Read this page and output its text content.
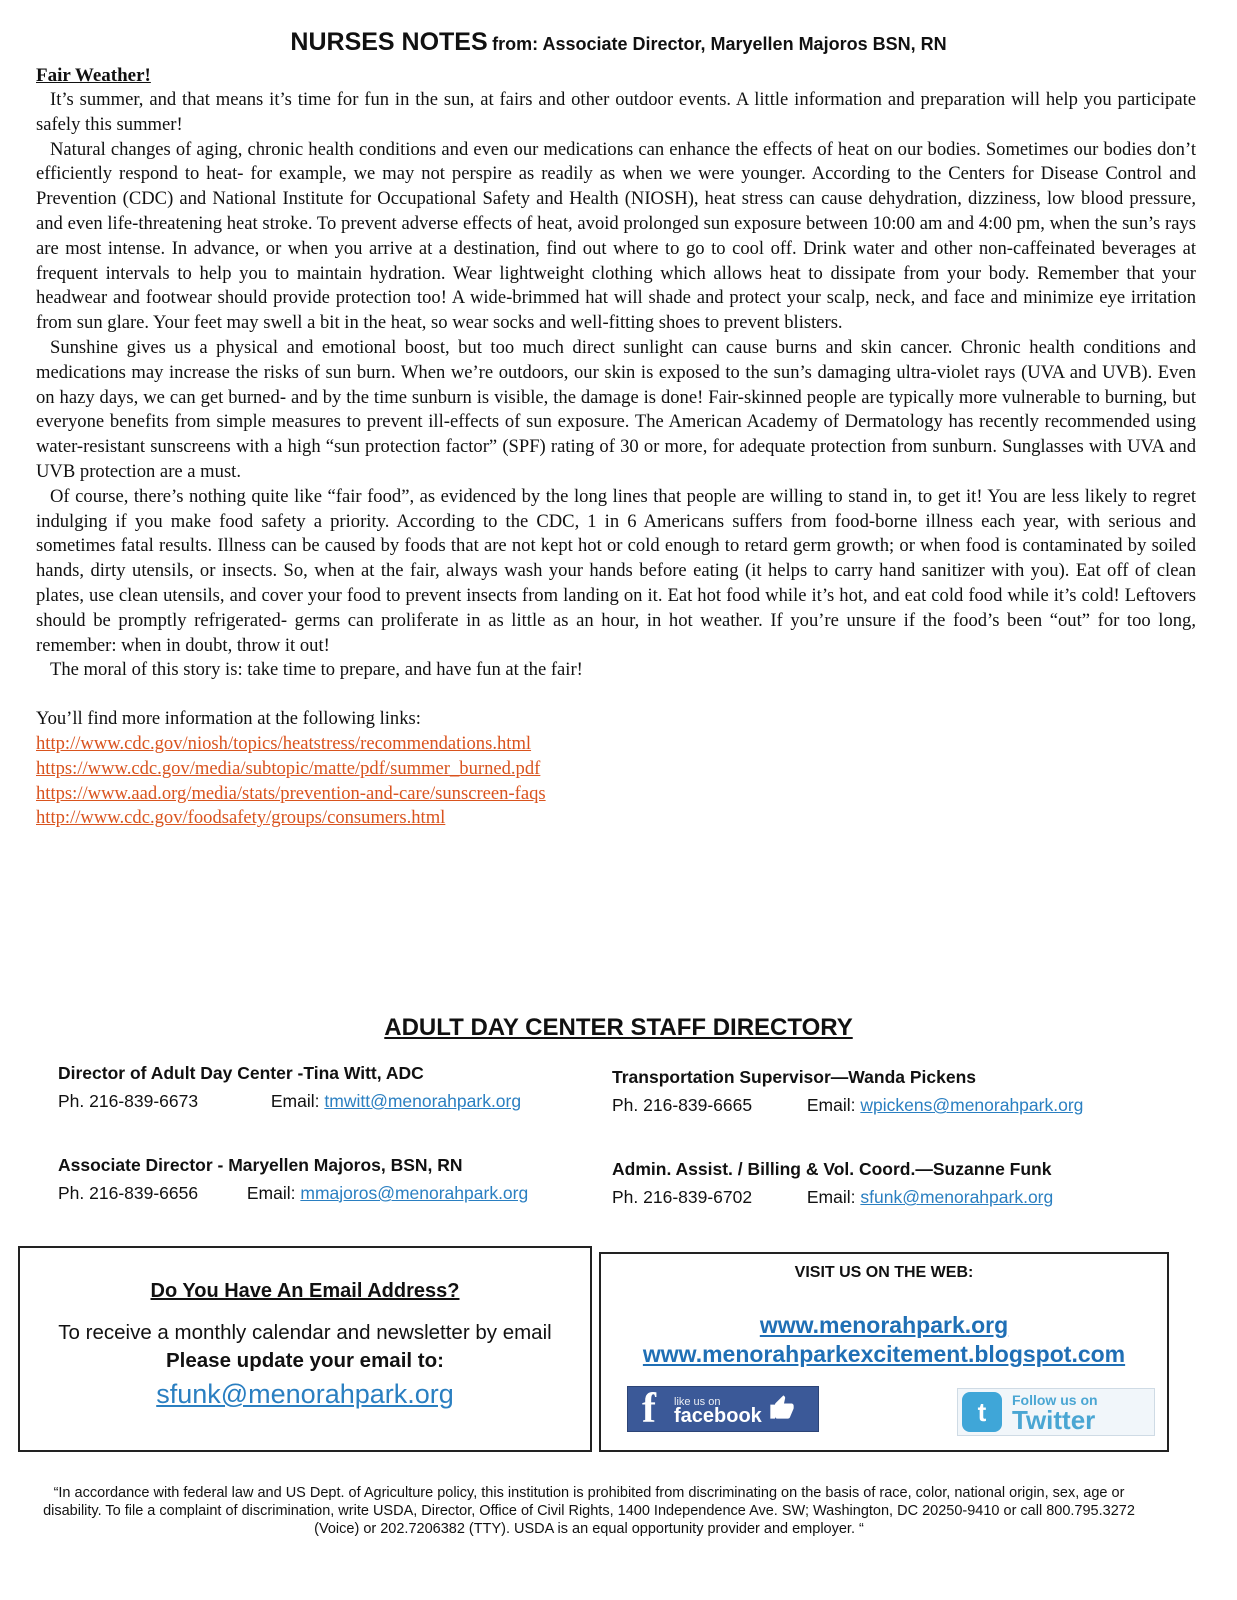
NURSES NOTES from: Associate Director, Maryellen Majoros BSN, RN
Fair Weather!

It’s summer, and that means it’s time for fun in the sun, at fairs and other outdoor events. A little information and preparation will help you participate safely this summer!

Natural changes of aging, chronic health conditions and even our medications can enhance the effects of heat on our bodies. Sometimes our bodies don’t efficiently respond to heat- for example, we may not perspire as readily as when we were younger. According to the Centers for Disease Control and Prevention (CDC) and National Institute for Occupational Safety and Health (NIOSH), heat stress can cause dehydration, dizziness, low blood pressure, and even life-threatening heat stroke. To prevent adverse effects of heat, avoid prolonged sun exposure between 10:00 am and 4:00 pm, when the sun’s rays are most intense. In advance, or when you arrive at a destination, find out where to go to cool off. Drink water and other non-caffeinated beverages at frequent intervals to help you to maintain hydration. Wear lightweight clothing which allows heat to dissipate from your body. Remember that your headwear and footwear should provide protection too! A wide-brimmed hat will shade and protect your scalp, neck, and face and minimize eye irritation from sun glare. Your feet may swell a bit in the heat, so wear socks and well-fitting shoes to prevent blisters.

Sunshine gives us a physical and emotional boost, but too much direct sunlight can cause burns and skin cancer. Chronic health conditions and medications may increase the risks of sun burn. When we’re outdoors, our skin is exposed to the sun’s damaging ultra-violet rays (UVA and UVB). Even on hazy days, we can get burned- and by the time sunburn is visible, the damage is done! Fair-skinned people are typically more vulnerable to burning, but everyone benefits from simple measures to prevent ill-effects of sun exposure. The American Academy of Dermatology has recently recommended using water-resistant sunscreens with a high “sun protection factor” (SPF) rating of 30 or more, for adequate protection from sunburn. Sunglasses with UVA and UVB protection are a must.

Of course, there’s nothing quite like “fair food”, as evidenced by the long lines that people are willing to stand in, to get it! You are less likely to regret indulging if you make food safety a priority. According to the CDC, 1 in 6 Americans suffers from food-borne illness each year, with serious and sometimes fatal results. Illness can be caused by foods that are not kept hot or cold enough to retard germ growth; or when food is contaminated by soiled hands, dirty utensils, or insects. So, when at the fair, always wash your hands before eating (it helps to carry hand sanitizer with you). Eat off of clean plates, use clean utensils, and cover your food to prevent insects from landing on it. Eat hot food while it’s hot, and eat cold food while it’s cold! Leftovers should be promptly refrigerated- germs can proliferate in as little as an hour, in hot weather. If you’re unsure if the food’s been “out” for too long, remember: when in doubt, throw it out!

The moral of this story is: take time to prepare, and have fun at the fair!

You’ll find more information at the following links:

http://www.cdc.gov/niosh/topics/heatstress/recommendations.html
https://www.cdc.gov/media/subtopic/matte/pdf/summer_burned.pdf
https://www.aad.org/media/stats/prevention-and-care/sunscreen-faqs
http://www.cdc.gov/foodsafety/groups/consumers.html
ADULT DAY CENTER STAFF DIRECTORY
Director of Adult Day Center -Tina Witt, ADC
Ph. 216-839-6673	Email: tmwitt@menorahpark.org
Transportation Supervisor—Wanda Pickens
Ph. 216-839-6665	Email: wpickens@menorahpark.org
Associate Director - Maryellen Majoros, BSN, RN
Ph. 216-839-6656	Email: mmajoros@menorahpark.org
Admin. Assist. / Billing & Vol. Coord.—Suzanne Funk
Ph. 216-839-6702	Email: sfunk@menorahpark.org
Do You Have An Email Address?
To receive a monthly calendar and newsletter by email
Please update your email to:
sfunk@menorahpark.org
VISIT US ON THE WEB:
www.menorahpark.org
www.menorahparkexcitement.blogspot.com
f	like us on
facebook	t	Follow us on
Twitter
“In accordance with federal law and US Dept. of Agriculture policy, this institution is prohibited from discriminating on the basis of race, color, national origin, sex, age or disability. To file a complaint of discrimination, write USDA, Director, Office of Civil Rights, 1400 Independence Ave. SW; Washington, DC 20250-9410 or call 800.795.3272 (Voice) or 202.7206382 (TTY). USDA is an equal opportunity provider and employer. “
